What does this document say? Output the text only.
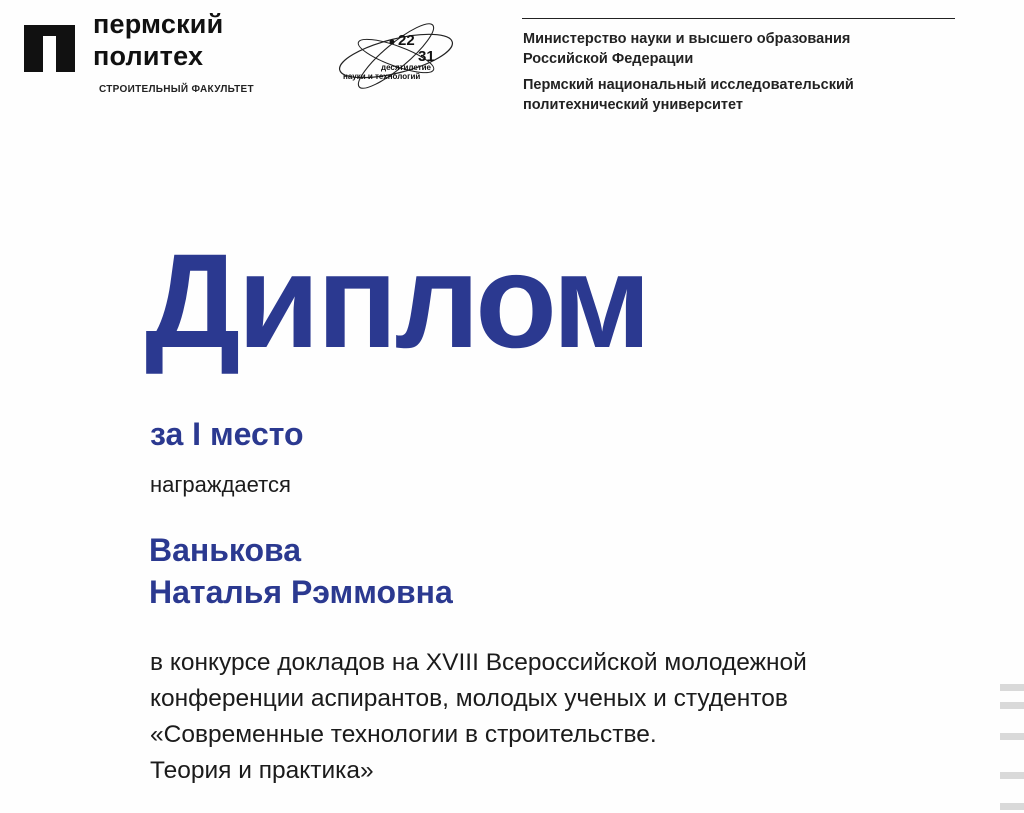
пермский
политех
СТРОИТЕЛЬНЫЙ ФАКУЛЬТЕТ
22
31
десятилетие
науки и технологий
Министерство науки и высшего образования
Российской Федерации
Пермский национальный исследовательский
политехнический университет
Диплом
за I место
награждается
Ванькова
Наталья Рэммовна
в конкурсе докладов на XVIII Всероссийской молодежной
конференции аспирантов, молодых ученых и студентов
«Современные технологии в строительстве.
Теория и практика»
